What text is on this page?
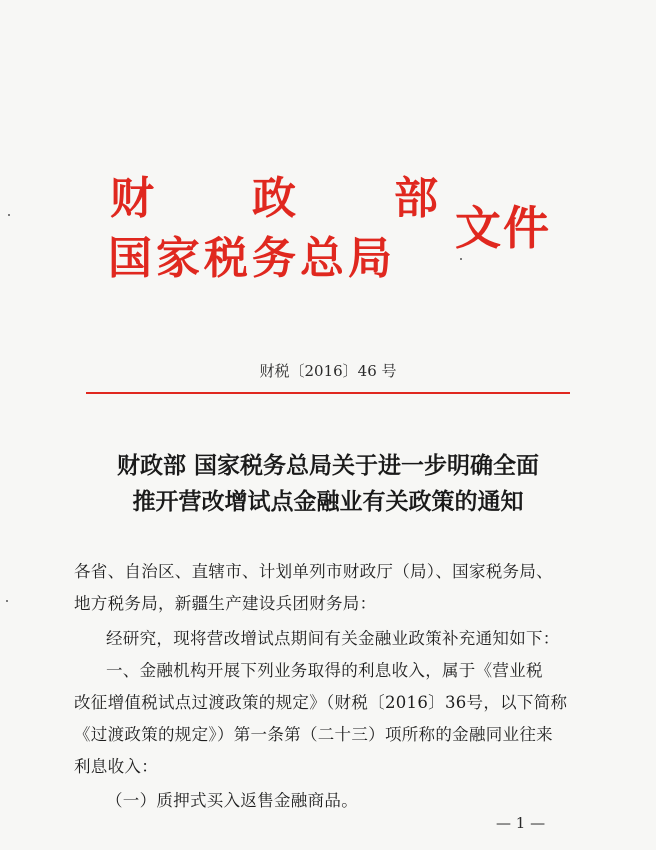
财 政 部
国家税务总局
文件
财税〔2016〕46 号
财政部 国家税务总局关于进一步明确全面
推开营改增试点金融业有关政策的通知
各省、自治区、直辖市、计划单列市财政厅（局）、国家税务局、
地方税务局，新疆生产建设兵团财务局：
经研究，现将营改增试点期间有关金融业政策补充通知如下：
一、金融机构开展下列业务取得的利息收入，属于《营业税
改征增值税试点过渡政策的规定》（财税〔2016〕36号，以下简称
《过渡政策的规定》）第一条第（二十三）项所称的金融同业往来
利息收入：
（一）质押式买入返售金融商品。
— 1 —
